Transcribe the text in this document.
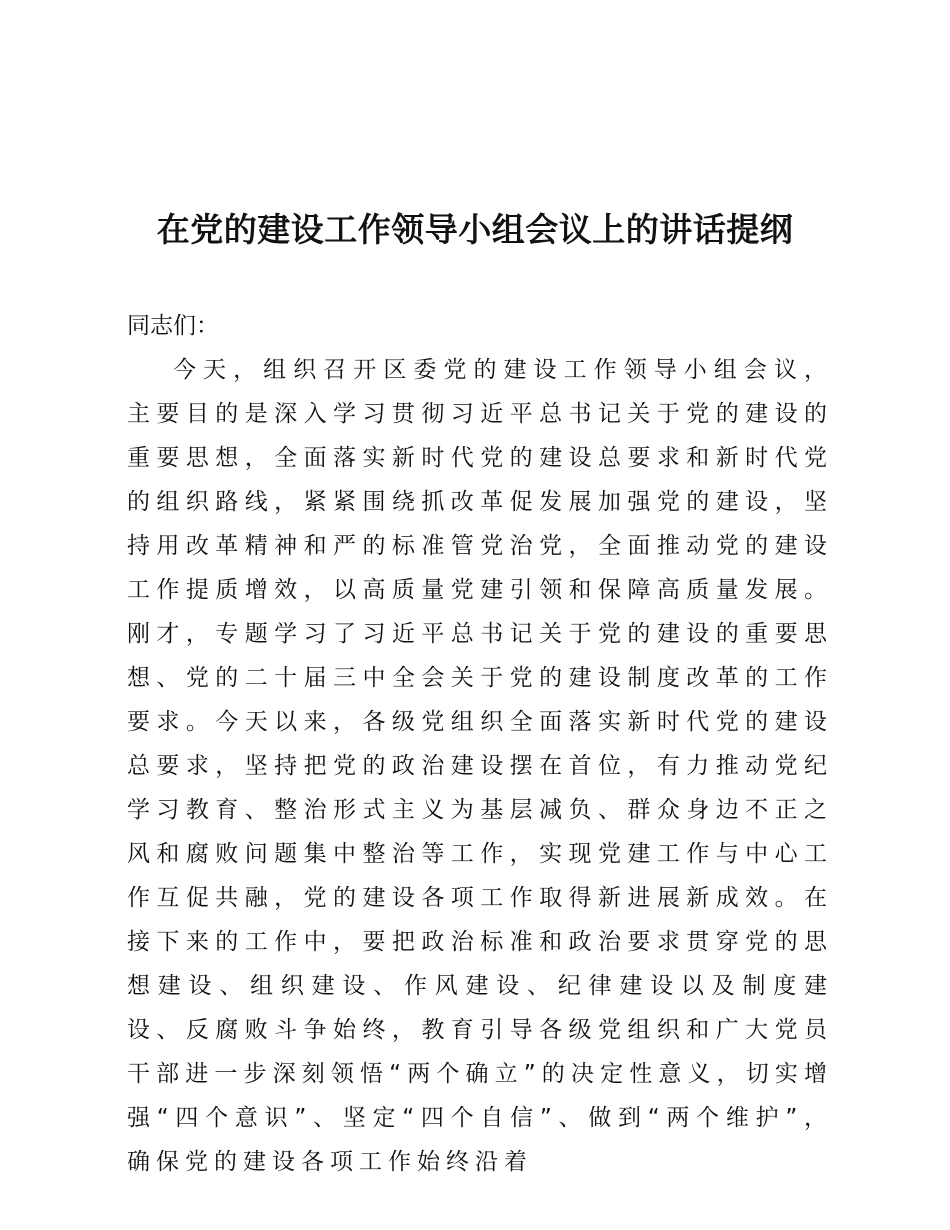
在党的建设工作领导小组会议上的讲话提纲

同志们：

今天，组织召开区委党的建设工作领导小组会议，主要目的是深入学习贯彻习近平总书记关于党的建设的重要思想，全面落实新时代党的建设总要求和新时代党的组织路线，紧紧围绕抓改革促发展加强党的建设，坚持用改革精神和严的标准管党治党，全面推动党的建设工作提质增效，以高质量党建引领和保障高质量发展。刚才，专题学习了习近平总书记关于党的建设的重要思想、党的二十届三中全会关于党的建设制度改革的工作要求。今天以来，各级党组织全面落实新时代党的建设总要求，坚持把党的政治建设摆在首位，有力推动党纪学习教育、整治形式主义为基层减负、群众身边不正之风和腐败问题集中整治等工作，实现党建工作与中心工作互促共融，党的建设各项工作取得新进展新成效。在接下来的工作中，要把政治标准和政治要求贯穿党的思想建设、组织建设、作风建设、纪律建设以及制度建设、反腐败斗争始终，教育引导各级党组织和广大党员干部进一步深刻领悟“两个确立”的决定性意义，切实增强“四个意识”、坚定“四个自信”、做到“两个维护”，确保党的建设各项工作始终沿着
